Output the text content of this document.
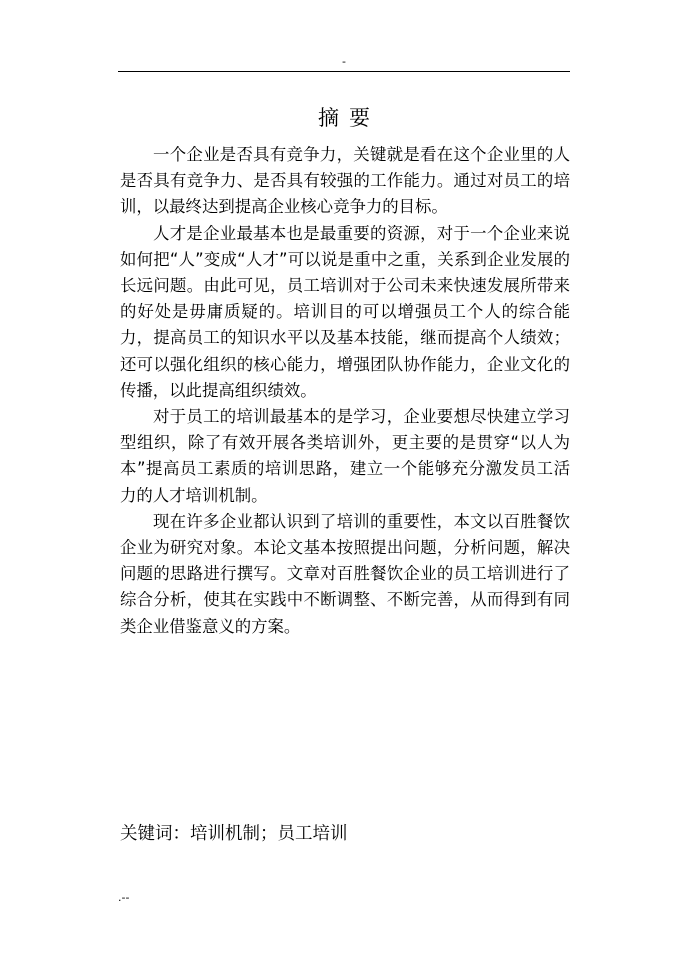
-
摘要

一个企业是否具有竞争力，关键就是看在这个企业里的人是否具有竞争力、是否具有较强的工作能力。通过对员工的培训，以最终达到提高企业核心竞争力的目标。

人才是企业最基本也是最重要的资源，对于一个企业来说如何把“人”变成“人才”可以说是重中之重，关系到企业发展的长远问题。由此可见，员工培训对于公司未来快速发展所带来的好处是毋庸质疑的。培训目的可以增强员工个人的综合能力，提高员工的知识水平以及基本技能，继而提高个人绩效；还可以强化组织的核心能力，增强团队协作能力，企业文化的传播，以此提高组织绩效。

对于员工的培训最基本的是学习，企业要想尽快建立学习型组织，除了有效开展各类培训外，更主要的是贯穿“以人为本”提高员工素质的培训思路，建立一个能够充分激发员工活力的人才培训机制。

现在许多企业都认识到了培训的重要性，本文以百胜餐饮企业为研究对象。本论文基本按照提出问题，分析问题，解决问题的思路进行撰写。文章对百胜餐饮企业的员工培训进行了综合分析，使其在实践中不断调整、不断完善，从而得到有同类企业借鉴意义的方案。

关键词：培训机制；员工培训
.--
